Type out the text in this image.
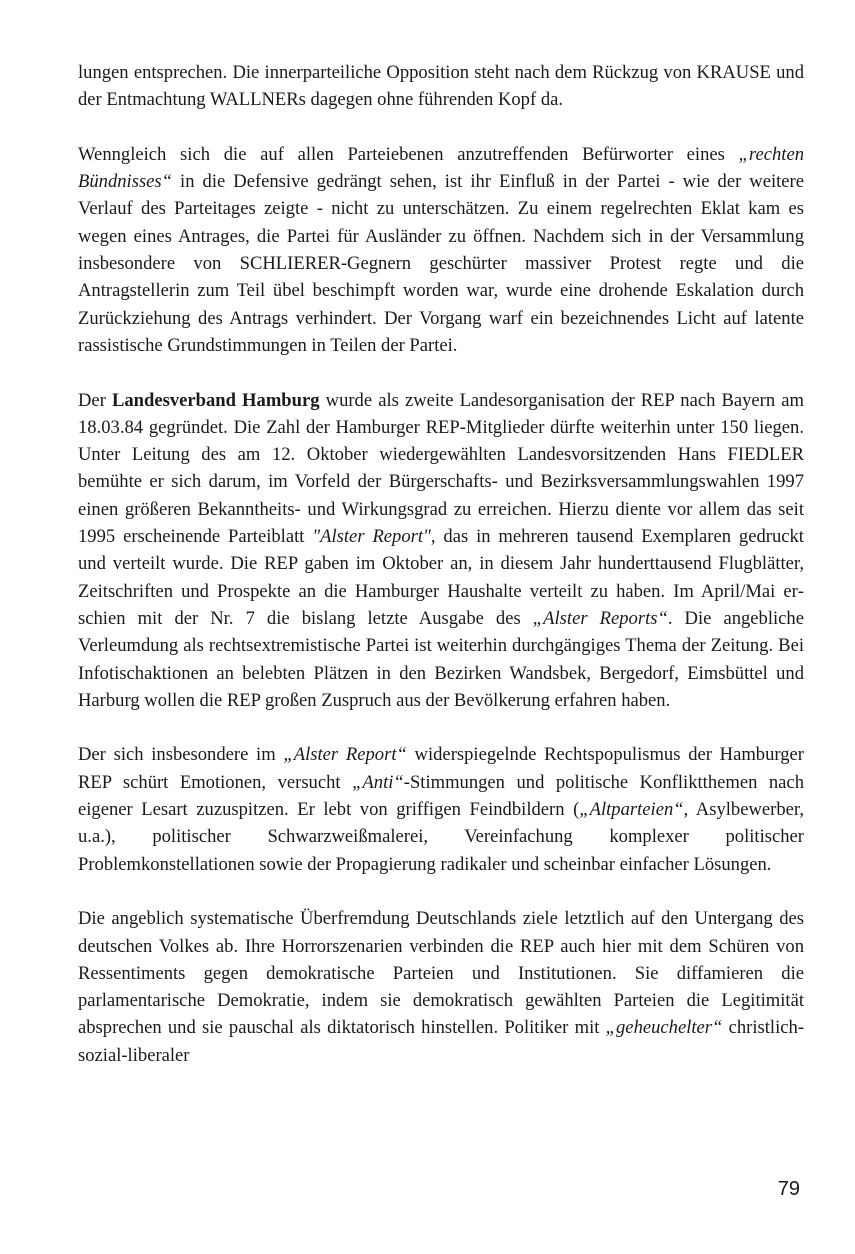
lungen entsprechen. Die innerparteiliche Opposition steht nach dem Rückzug von KRAUSE und der Entmachtung WALLNERs dagegen ohne führenden Kopf da.

Wenngleich sich die auf allen Parteiebenen anzutreffenden Befürworter eines „rechten Bündnisses“ in die Defensive gedrängt sehen, ist ihr Einfluß in der Partei - wie der weitere Verlauf des Parteitages zeigte - nicht zu unterschätzen. Zu einem regelrechten Eklat kam es wegen eines Antrages, die Partei für Ausländer zu öffnen. Nachdem sich in der Versammlung insbesondere von SCHLIERER-Gegnern geschürter massiver Protest regte und die Antragstellerin zum Teil übel beschimpft worden war, wurde eine drohende Eskalation durch Zurückziehung des Antrags verhindert. Der Vorgang warf ein bezeichnendes Licht auf latente rassistische Grundstimmungen in Teilen der Partei.

Der Landesverband Hamburg wurde als zweite Landesorganisation der REP nach Bayern am 18.03.84 gegründet. Die Zahl der Hamburger REP-Mitglieder dürfte weiterhin unter 150 liegen. Unter Leitung des am 12. Oktober wiedergewählten Landesvorsitzenden Hans FIEDLER bemühte er sich darum, im Vorfeld der Bürgerschafts- und Bezirksversammlungswahlen 1997 einen größeren Bekanntheits- und Wirkungsgrad zu erreichen. Hierzu diente vor allem das seit 1995 erscheinende Parteiblatt "Alster Report", das in mehreren tausend Exemplaren gedruckt und verteilt wurde. Die REP gaben im Oktober an, in diesem Jahr hunderttausend Flugblätter, Zeitschriften und Prospekte an die Hamburger Haushalte verteilt zu haben. Im April/Mai erschien mit der Nr. 7 die bislang letzte Ausgabe des „Alster Reports“. Die angebliche Verleumdung als rechtsextremistische Partei ist weiterhin durchgängiges Thema der Zeitung. Bei Infotischaktionen an belebten Plätzen in den Bezirken Wandsbek, Bergedorf, Eimsbüttel und Harburg wollen die REP großen Zuspruch aus der Bevölkerung erfahren haben.

Der sich insbesondere im „Alster Report“ widerspiegelnde Rechtspopulismus der Hamburger REP schürt Emotionen, versucht „Anti“-Stimmungen und politische Konfliktthemen nach eigener Lesart zuzuspitzen. Er lebt von griffigen Feindbildern („Altparteien“, Asylbewerber, u.a.), politischer Schwarzweißmalerei, Vereinfachung komplexer politischer Problemkonstellationen sowie der Propagierung radikaler und scheinbar einfacher Lösungen.

Die angeblich systematische Überfremdung Deutschlands ziele letztlich auf den Untergang des deutschen Volkes ab. Ihre Horrorszenarien verbinden die REP auch hier mit dem Schüren von Ressentiments gegen demokratische Parteien und Institutionen. Sie diffamieren die parlamentarische Demokratie, indem sie demokratisch gewählten Parteien die Legitimität absprechen und sie pauschal als diktatorisch hinstellen. Politiker mit „geheuchelter“ christlich-sozial-liberaler

79
